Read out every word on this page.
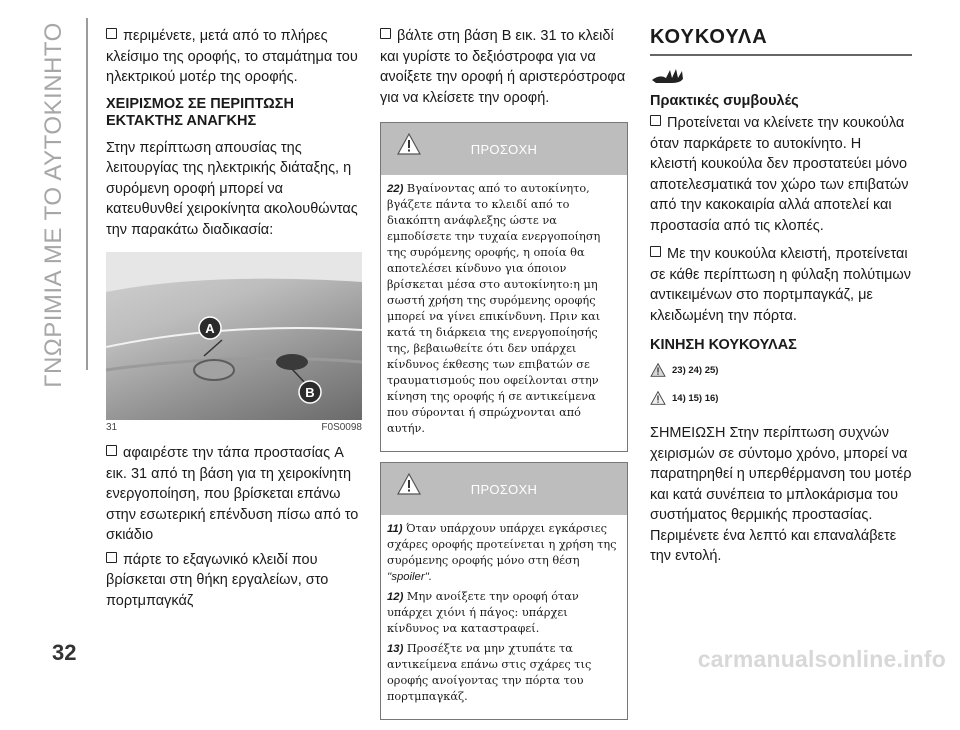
ΓΝΩΡΙΜΙΑ ΜΕ ΤΟ ΑΥΤΟΚΙΝΗΤΟ	περιμένετε, μετά από το πλήρες κλείσιμο της οροφής, το σταμάτημα του ηλεκτρικού μοτέρ της οροφής.

ΧΕΙΡΙΣΜΟΣ ΣΕ ΠΕΡΙΠΤΩΣΗ ΕΚΤΑΚΤΗΣ ΑΝΑΓΚΗΣ

Στην περίπτωση απουσίας της λειτουργίας της ηλεκτρικής διάταξης, η συρόμενη οροφή μπορεί να κατευθυνθεί χειροκίνητα ακολουθώντας την παρακάτω διαδικασία:

A
B
31	F0S0098

αφαιρέστε την τάπα προστασίας A εικ. 31 από τη βάση για τη χειροκίνητη ενεργοποίηση, που βρίσκεται επάνω στην εσωτερική επένδυση πίσω από το σκιάδιο

πάρτε το εξαγωνικό κλειδί που βρίσκεται στη θήκη εργαλείων, στο πορτμπαγκάζ

βάλτε στη βάση B εικ. 31 το κλειδί και γυρίστε το δεξιόστροφα για να ανοίξετε την οροφή ή αριστερόστροφα για να κλείσετε την οροφή.

ΠΡΟΣΟΧΗ

22) Βγαίνοντας από το αυτοκίνητο, βγάζετε πάντα το κλειδί από το διακόπτη ανάφλεξης ώστε να εμποδίσετε την τυχαία ενεργοποίηση της συρόμενης οροφής, η οποία θα αποτελέσει κίνδυνο για όποιον βρίσκεται μέσα στο αυτοκίνητο:η μη σωστή χρήση της συρόμενης οροφής μπορεί να γίνει επικίνδυνη. Πριν και κατά τη διάρκεια της ενεργοποίησής της, βεβαιωθείτε ότι δεν υπάρχει κίνδυνος έκθεσης των επιβατών σε τραυματισμούς που οφείλονται στην κίνηση της οροφής ή σε αντικείμενα που σύρονται ή σπρώχνονται από αυτήν.

ΠΡΟΣΟΧΗ

11) Όταν υπάρχουν υπάρχει εγκάρσιες σχάρες οροφής προτείνεται η χρήση της συρόμενης οροφής μόνο στη θέση ''spoiler''.

12) Μην ανοίξετε την οροφή όταν υπάρχει χιόνι ή πάγος: υπάρχει κίνδυνος να καταστραφεί.

13) Προσέξτε να μην χτυπάτε τα αντικείμενα επάνω στις σχάρες τις οροφής ανοίγοντας την πόρτα του πορτμπαγκάζ.

ΚΟΥΚΟΥΛΑ
Πρακτικές συμβουλές

Προτείνεται να κλείνετε την κουκούλα όταν παρκάρετε το αυτοκίνητο. Η κλειστή κουκούλα δεν προστατεύει μόνο αποτελεσματικά τον χώρο των επιβατών από την κακοκαιρία αλλά αποτελεί και προστασία από τις κλοπές.

Με την κουκούλα κλειστή, προτείνεται σε κάθε περίπτωση η φύλαξη πολύτιμων αντικειμένων στο πορτμπαγκάζ, με κλειδωμένη την πόρτα.

ΚΙΝΗΣΗ ΚΟΥΚΟΥΛΑΣ
23) 24) 25)
14) 15) 16)

ΣΗΜΕΙΩΣΗ Στην περίπτωση συχνών χειρισμών σε σύντομο χρόνο, μπορεί να παρατηρηθεί η υπερθέρμανση του μοτέρ και κατά συνέπεια το μπλοκάρισμα του συστήματος θερμικής προστασίας. Περιμένετε ένα λεπτό και επαναλάβετε την εντολή.

32	carmanualsonline.info
